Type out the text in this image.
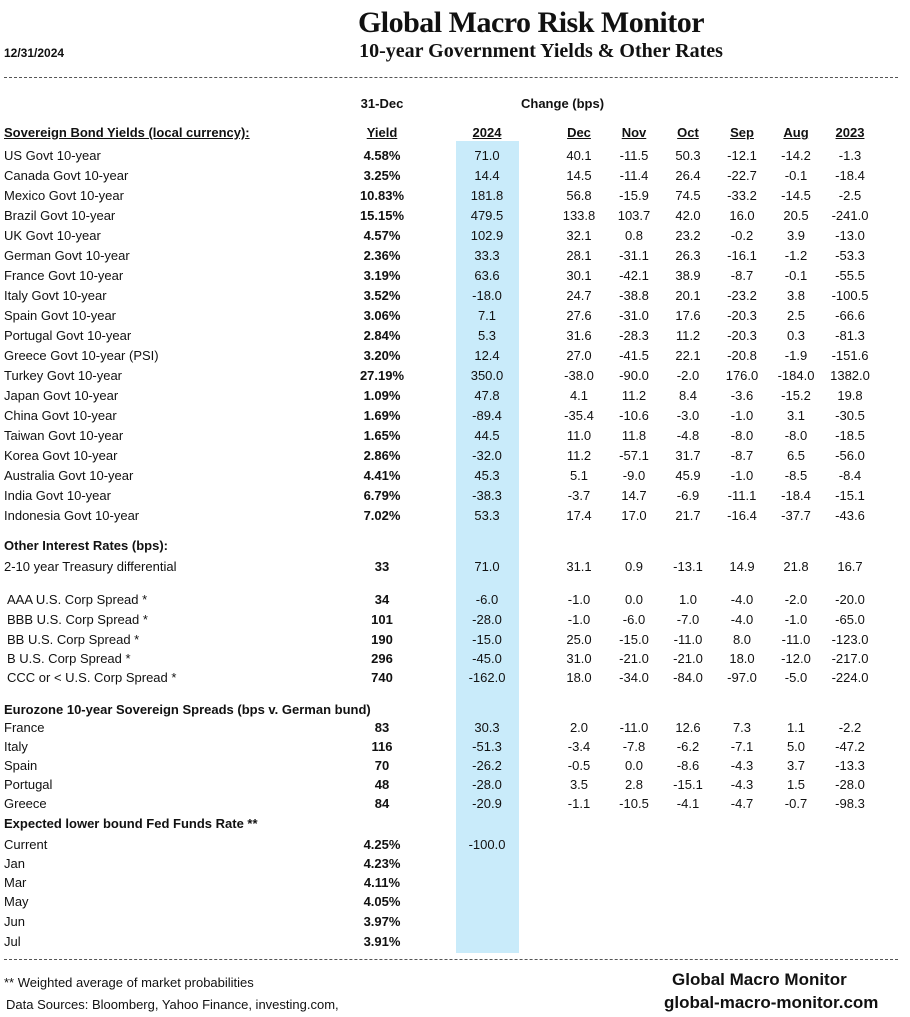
Global Macro Risk Monitor
10-year Government Yields & Other Rates
12/31/2024
31-Dec	Change (bps)
Sovereign Bond Yields (local currency):	Yield	2024	Dec	Nov	Oct	Sep	Aug	2023
US Govt 10-year	4.58%	71.0	40.1	-11.5	50.3	-12.1	-14.2	-1.3
Canada Govt 10-year	3.25%	14.4	14.5	-11.4	26.4	-22.7	-0.1	-18.4
Mexico Govt 10-year	10.83%	181.8	56.8	-15.9	74.5	-33.2	-14.5	-2.5
Brazil Govt 10-year	15.15%	479.5	133.8	103.7	42.0	16.0	20.5	-241.0
UK Govt 10-year	4.57%	102.9	32.1	0.8	23.2	-0.2	3.9	-13.0
German Govt 10-year	2.36%	33.3	28.1	-31.1	26.3	-16.1	-1.2	-53.3
France Govt 10-year	3.19%	63.6	30.1	-42.1	38.9	-8.7	-0.1	-55.5
Italy Govt 10-year	3.52%	-18.0	24.7	-38.8	20.1	-23.2	3.8	-100.5
Spain Govt 10-year	3.06%	7.1	27.6	-31.0	17.6	-20.3	2.5	-66.6
Portugal Govt 10-year	2.84%	5.3	31.6	-28.3	11.2	-20.3	0.3	-81.3
Greece Govt 10-year (PSI)	3.20%	12.4	27.0	-41.5	22.1	-20.8	-1.9	-151.6
Turkey Govt 10-year	27.19%	350.0	-38.0	-90.0	-2.0	176.0	-184.0	1382.0
Japan Govt 10-year	1.09%	47.8	4.1	11.2	8.4	-3.6	-15.2	19.8
China Govt 10-year	1.69%	-89.4	-35.4	-10.6	-3.0	-1.0	3.1	-30.5
Taiwan Govt 10-year	1.65%	44.5	11.0	11.8	-4.8	-8.0	-8.0	-18.5
Korea Govt 10-year	2.86%	-32.0	11.2	-57.1	31.7	-8.7	6.5	-56.0
Australia Govt 10-year	4.41%	45.3	5.1	-9.0	45.9	-1.0	-8.5	-8.4
India Govt 10-year	6.79%	-38.3	-3.7	14.7	-6.9	-11.1	-18.4	-15.1
Indonesia Govt 10-year	7.02%	53.3	17.4	17.0	21.7	-16.4	-37.7	-43.6
Other Interest Rates (bps):
2-10 year Treasury differential	33	71.0	31.1	0.9	-13.1	14.9	21.8	16.7
AAA U.S. Corp Spread *	34	-6.0	-1.0	0.0	1.0	-4.0	-2.0	-20.0
BBB U.S. Corp Spread *	101	-28.0	-1.0	-6.0	-7.0	-4.0	-1.0	-65.0
BB U.S. Corp Spread *	190	-15.0	25.0	-15.0	-11.0	8.0	-11.0	-123.0
B U.S. Corp Spread *	296	-45.0	31.0	-21.0	-21.0	18.0	-12.0	-217.0
CCC or < U.S. Corp Spread *	740	-162.0	18.0	-34.0	-84.0	-97.0	-5.0	-224.0
Eurozone 10-year Sovereign Spreads (bps v. German bund)
France	83	30.3	2.0	-11.0	12.6	7.3	1.1	-2.2
Italy	116	-51.3	-3.4	-7.8	-6.2	-7.1	5.0	-47.2
Spain	70	-26.2	-0.5	0.0	-8.6	-4.3	3.7	-13.3
Portugal	48	-28.0	3.5	2.8	-15.1	-4.3	1.5	-28.0
Greece	84	-20.9	-1.1	-10.5	-4.1	-4.7	-0.7	-98.3
Expected lower bound Fed Funds Rate **
Current	4.25%	-100.0
Jan	4.23%
Mar	4.11%
May	4.05%
Jun	3.97%
Jul	3.91%
** Weighted average of market probabilities
Data Sources: Bloomberg, Yahoo Finance, investing.com,
Global Macro Monitor
global-macro-monitor.com
